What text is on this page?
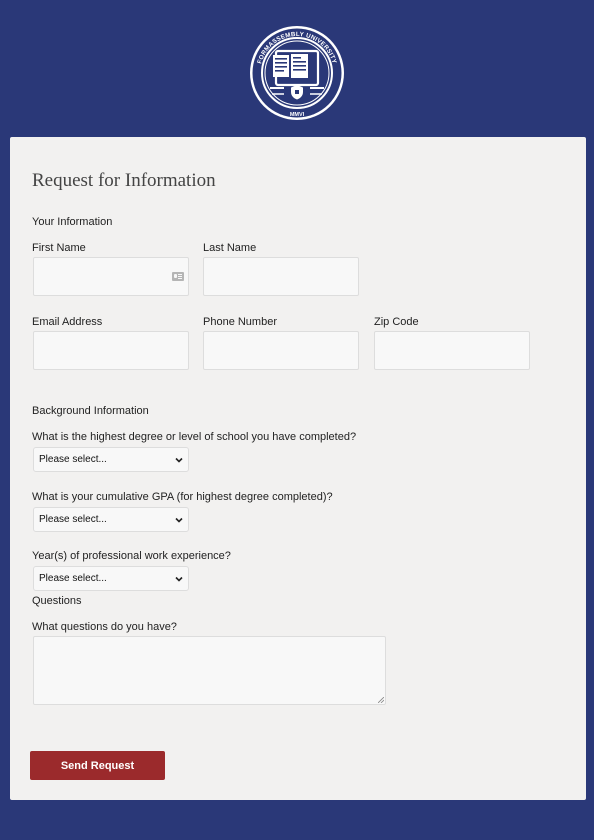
FORMASSEMBLY UNIVERSITY
MMVI
Request for Information
Your Information
First Name	Last Name
Email Address	Phone Number	Zip Code
Background Information
What is the highest degree or level of school you have completed?
Please select...
What is your cumulative GPA (for highest degree completed)?
Please select...
Year(s) of professional work experience?
Please select...
Questions
What questions do you have?
Send Request
